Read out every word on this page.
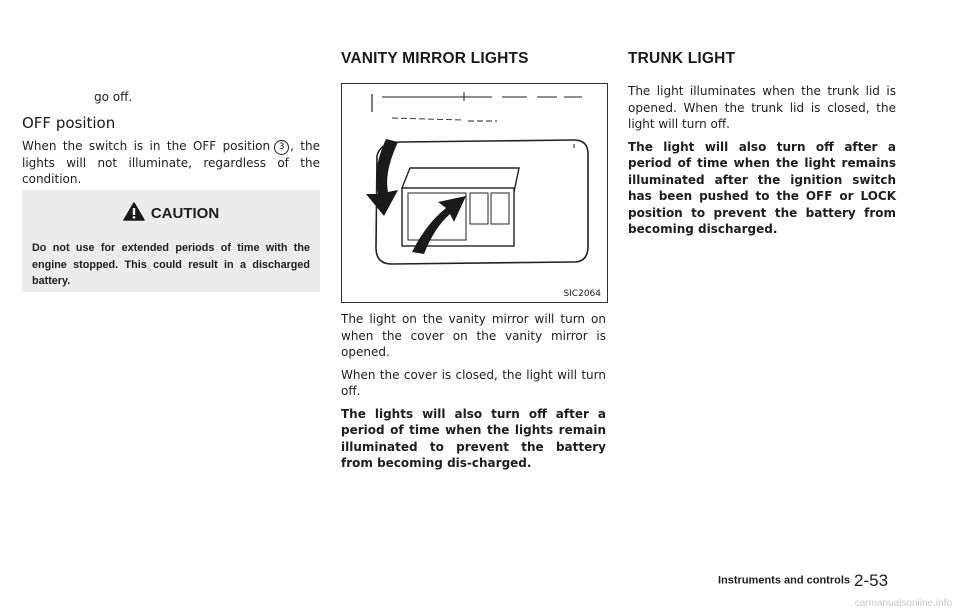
go off.

OFF position

When the switch is in the OFF position 3 , the lights will not illuminate, regardless of the condition.

CAUTION
Do not use for extended periods of time with the engine stopped. This could result in a discharged battery.
VANITY MIRROR LIGHTS
SIC2064

The light on the vanity mirror will turn on when the cover on the vanity mirror is opened.

When the cover is closed, the light will turn off.

The lights will also turn off after a period of time when the lights remain illuminated to prevent the battery from becoming dis-charged.

TRUNK LIGHT

The light illuminates when the trunk lid is opened. When the trunk lid is closed, the light will turn off.

The light will also turn off after a period of time when the light remains illuminated after the ignition switch has been pushed to the OFF or LOCK position to prevent the battery from becoming discharged.

Instruments and controls 2-53
carmanualsonline.info
